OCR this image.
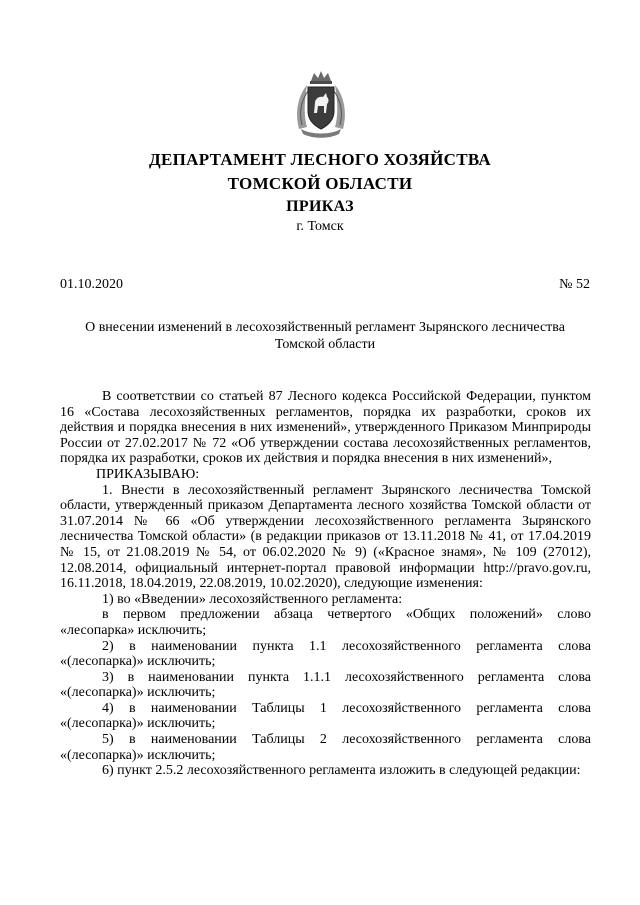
ДЕПАРТАМЕНТ ЛЕСНОГО ХОЗЯЙСТВА
ТОМСКОЙ ОБЛАСТИ
ПРИКАЗ
г. Томск
01.10.2020	№ 52
О внесении изменений в лесохозяйственный регламент Зырянского лесничества
Томской области

В соответствии со статьей 87 Лесного кодекса Российской Федерации, пунктом 16 «Состава лесохозяйственных регламентов, порядка их разработки, сроков их действия и порядка внесения в них изменений», утвержденного Приказом Минприроды России от 27.02.2017 № 72 «Об утверждении состава лесохозяйственных регламентов, порядка их разработки, сроков их действия и порядка внесения в них изменений»,

ПРИКАЗЫВАЮ:

1. Внести в лесохозяйственный регламент Зырянского лесничества Томской области, утвержденный приказом Департамента лесного хозяйства Томской области от 31.07.2014 № 66 «Об утверждении лесохозяйственного регламента Зырянского лесничества Томской области» (в редакции приказов от 13.11.2018 № 41, от 17.04.2019 № 15, от 21.08.2019 № 54, от 06.02.2020 № 9) («Красное знамя», № 109 (27012), 12.08.2014, официальный интернет-портал правовой информации http://pravo.gov.ru, 16.11.2018, 18.04.2019, 22.08.2019, 10.02.2020), следующие изменения:

1) во «Введении» лесохозяйственного регламента:

в первом предложении абзаца четвертого «Общих положений» слово «лесопарка» исключить;

2) в наименовании пункта 1.1 лесохозяйственного регламента слова «(лесопарка)» исключить;

3) в наименовании пункта 1.1.1 лесохозяйственного регламента слова «(лесопарка)» исключить;

4) в наименовании Таблицы 1 лесохозяйственного регламента слова «(лесопарка)» исключить;

5) в наименовании Таблицы 2 лесохозяйственного регламента слова «(лесопарка)» исключить;

6) пункт 2.5.2 лесохозяйственного регламента изложить в следующей редакции:
